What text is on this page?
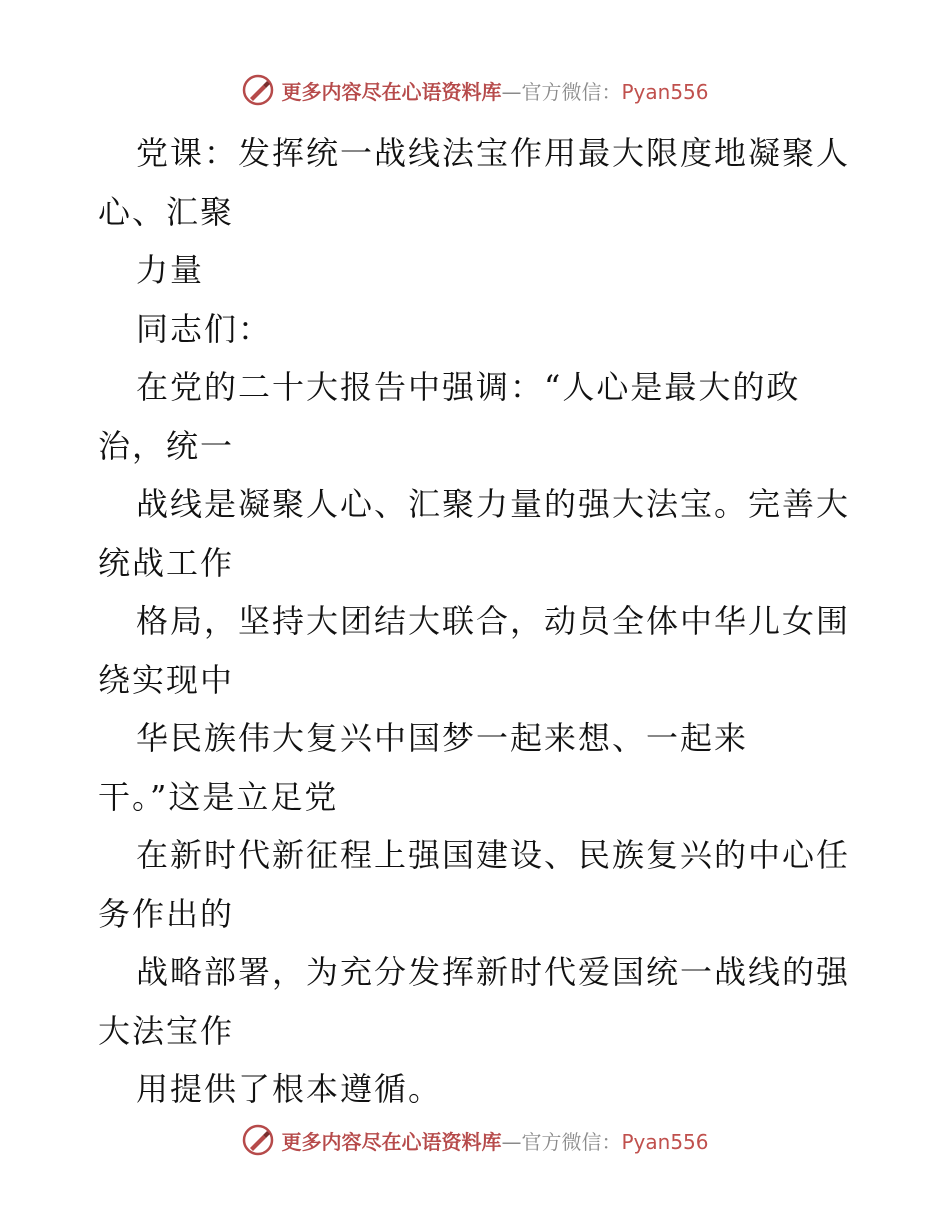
更多内容尽在心语资料库—官方微信：Pyan556
党课：发挥统一战线法宝作用最大限度地凝聚人
心、汇聚
力量
同志们：
在党的二十大报告中强调：“人心是最大的政
治，统一
战线是凝聚人心、汇聚力量的强大法宝。完善大
统战工作
格局，坚持大团结大联合，动员全体中华儿女围
绕实现中
华民族伟大复兴中国梦一起来想、一起来
干。”这是立足党
在新时代新征程上强国建设、民族复兴的中心任
务作出的
战略部署，为充分发挥新时代爱国统一战线的强
大法宝作
用提供了根本遵循。
更多内容尽在心语资料库—官方微信：Pyan556
